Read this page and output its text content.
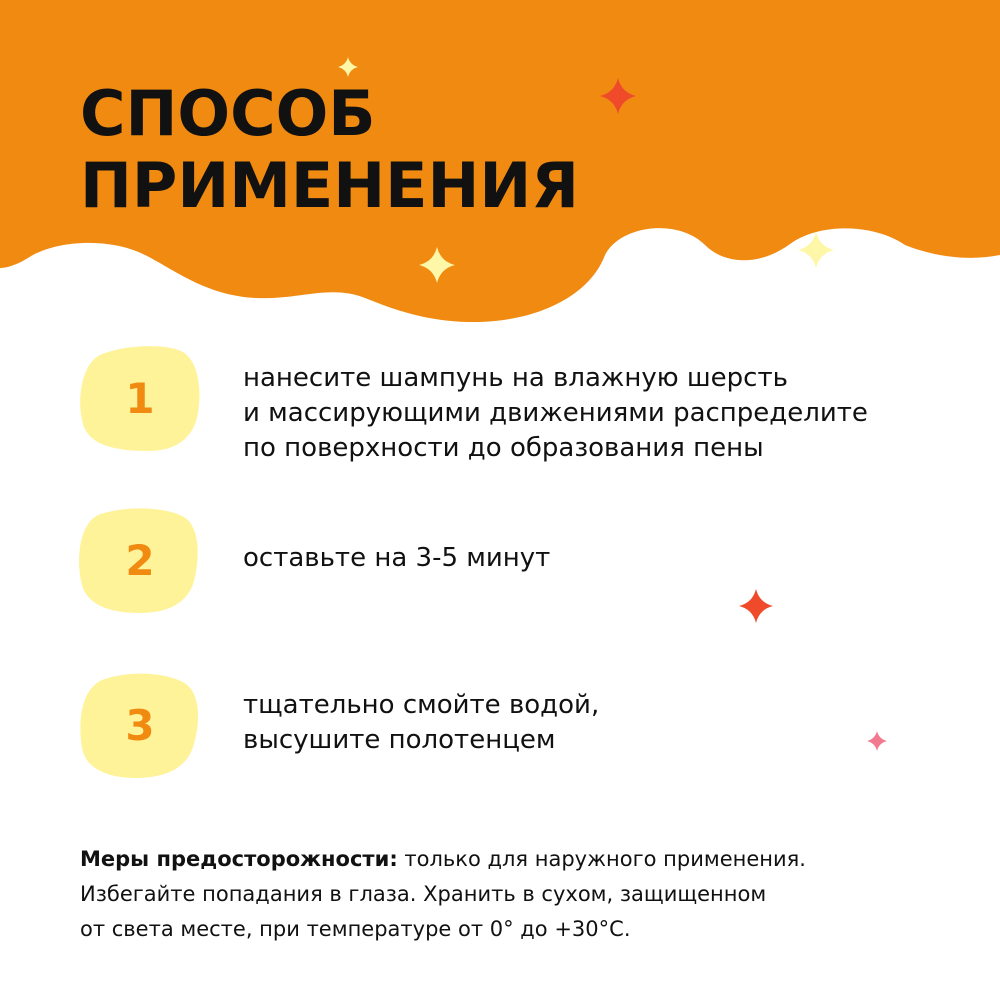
СПОСОБ
ПРИМЕНЕНИЯ
1	нанесите шампунь на влажную шерсть
и массирующими движениями распределите
по поверхности до образования пены
2	оставьте на 3-5 минут
3	тщательно смойте водой,
высушите полотенцем
Меры предосторожности: только для наружного применения.
Избегайте попадания в глаза. Хранить в сухом, защищенном
от света месте, при температуре от 0° до +30°С.
